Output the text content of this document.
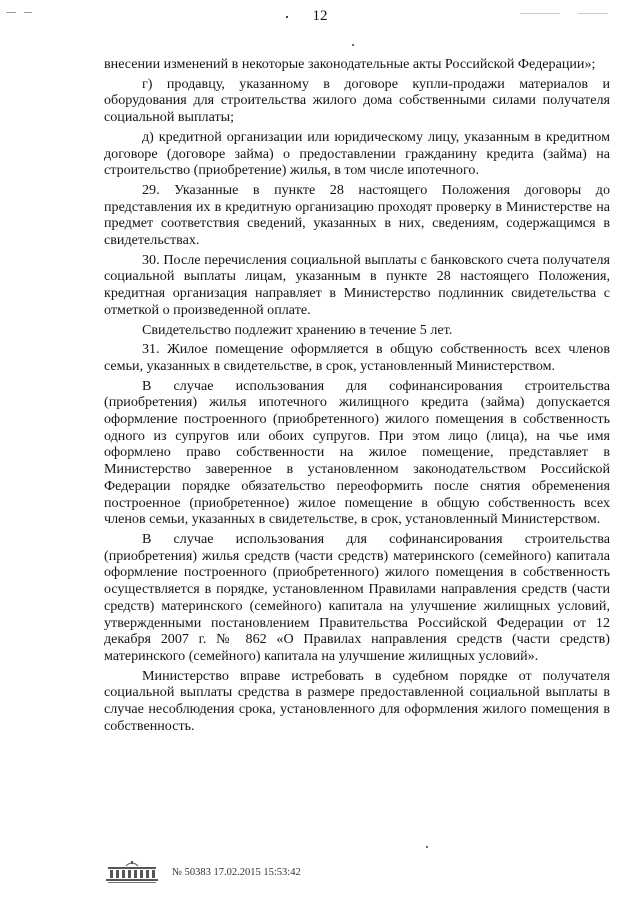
12

внесении изменений в некоторые законодательные акты Российской Федерации»;

г) продавцу, указанному в договоре купли-продажи материалов и оборудования для строительства жилого дома собственными силами получателя социальной выплаты;

д) кредитной организации или юридическому лицу, указанным в кредитном договоре (договоре займа) о предоставлении гражданину кредита (займа) на строительство (приобретение) жилья, в том числе ипотечного.

29. Указанные в пункте 28 настоящего Положения договоры до представления их в кредитную организацию проходят проверку в Министерстве на предмет соответствия сведений, указанных в них, сведениям, содержащимся в свидетельствах.

30. После перечисления социальной выплаты с банковского счета получателя социальной выплаты лицам, указанным в пункте 28 настоящего Положения, кредитная организация направляет в Министерство подлинник свидетельства с отметкой о произведенной оплате.

Свидетельство подлежит хранению в течение 5 лет.

31. Жилое помещение оформляется в общую собственность всех членов семьи, указанных в свидетельстве, в срок, установленный Министерством.

В случае использования для софинансирования строительства (приобретения) жилья ипотечного жилищного кредита (займа) допускается оформление построенного (приобретенного) жилого помещения в собственность одного из супругов или обоих супругов. При этом лицо (лица), на чье имя оформлено право собственности на жилое помещение, представляет в Министерство заверенное в установленном законодательством Российской Федерации порядке обязательство переоформить после снятия обременения построенное (приобретенное) жилое помещение в общую собственность всех членов семьи, указанных в свидетельстве, в срок, установленный Министерством.

В случае использования для софинансирования строительства (приобретения) жилья средств (части средств) материнского (семейного) капитала оформление построенного (приобретенного) жилого помещения в собственность осуществляется в порядке, установленном Правилами направления средств (части средств) материнского (семейного) капитала на улучшение жилищных условий, утвержденными постановлением Правительства Российской Федерации от 12 декабря 2007 г. № 862 «О Правилах направления средств (части средств) материнского (семейного) капитала на улучшение жилищных условий».

Министерство вправе истребовать в судебном порядке от получателя социальной выплаты средства в размере предоставленной социальной выплаты в случае несоблюдения срока, установленного для оформления жилого помещения в собственность.

№ 50383 17.02.2015 15:53:42
